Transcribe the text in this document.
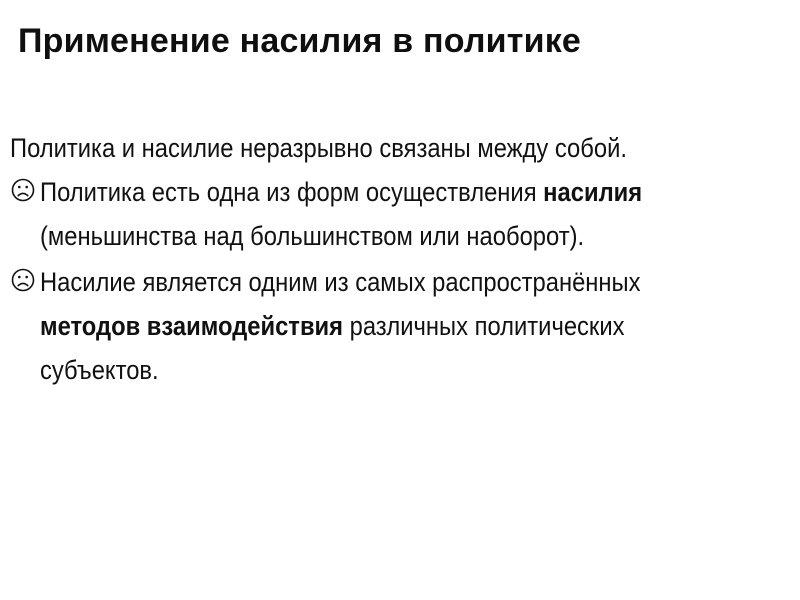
Применение насилия в политике
Политика и насилие неразрывно связаны между собой.
Политика есть одна из форм осуществления насилия
(меньшинства над большинством или наоборот).
Насилие является одним из самых распространённых
методов взаимодействия различных политических
субъектов.
